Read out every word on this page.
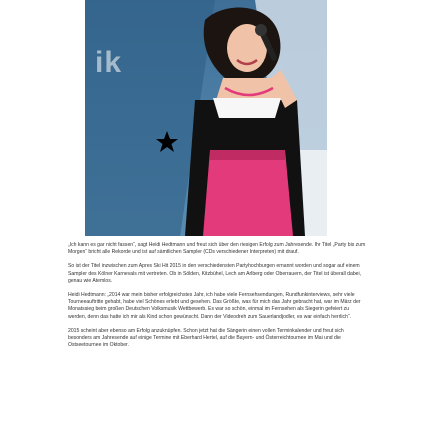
ik

„Ich kann es gar nicht fassen“, sagt Heidi Hedtmann und freut sich über den riesigen Erfolg zum Jahresende. Ihr Titel „Party bis zum Morgen“ bricht alle Rekorde und ist auf sämtlichen Sampler (CDs verschiedener Interpreten) mit drauf.

So ist der Titel inzwischen zum Apres Ski Hit 2015 in den verschiedensten Partyhochburgen ernannt worden und sogar auf einem Sampler des Kölner Karnevals mit vertreten. Ob in Sölden, Kitzbühel, Lech am Arlberg oder Oberrauern, der Titel ist überall dabei, genau wie Atemlos.

Heidi Hedtmann: „2014 war mein bisher erfolgreichstes Jahr, ich habe viele Fernsehsendungen, Rundfunkinterviews, sehr viele Tourneeauftritte gehabt, habe viel Schönes erlebt und gesehen. Das Größte, was für mich das Jahr gebracht hat, war im März der Monatssieg beim großen Deutschen Volksmusik Wettbewerb. Es war so schön, einmal im Fernsehen als Siegerin gefeiert zu werden, denn das hatte ich mir als Kind schon gewünscht. Dann der Videodreh zum Sauerlandjodler, es war einfach herrlich“.

2015 scheint aber ebenso am Erfolg anzuknüpfen. Schon jetzt hat die Sängerin einen vollen Terminkalender und freut sich besonders am Jahresende auf einige Termine mit Eberhard Hertel, auf die Bayern- und Österreichtournee im Mai und die Ostseetournee im Oktober.
